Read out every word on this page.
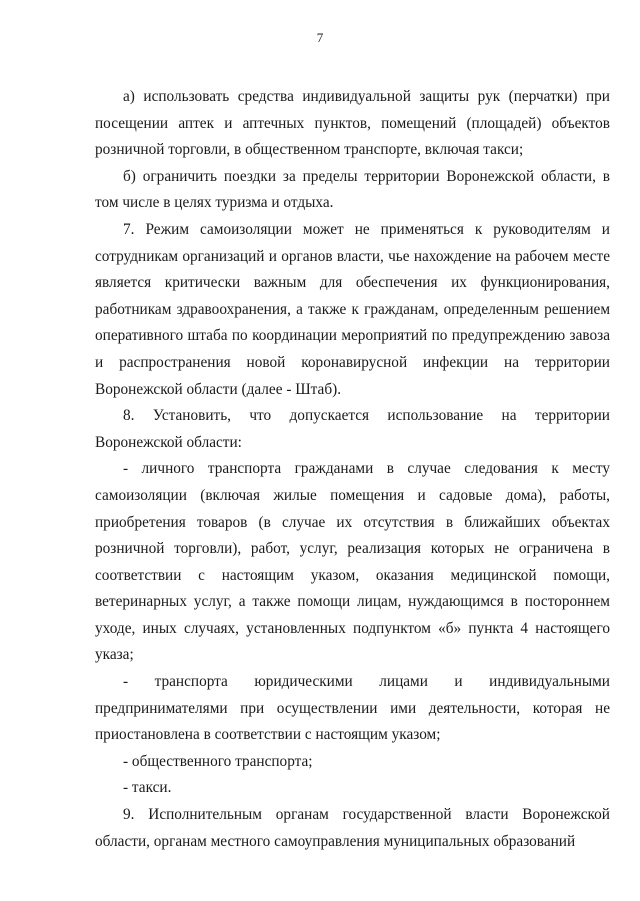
7

а) использовать средства индивидуальной защиты рук (перчатки) при посещении аптек и аптечных пунктов, помещений (площадей) объектов розничной торговли, в общественном транспорте, включая такси;

б) ограничить поездки за пределы территории Воронежской области, в том числе в целях туризма и отдыха.

7. Режим самоизоляции может не применяться к руководителям и сотрудникам организаций и органов власти, чье нахождение на рабочем месте является критически важным для обеспечения их функционирования, работникам здравоохранения, а также к гражданам, определенным решением оперативного штаба по координации мероприятий по предупреждению завоза и распространения новой коронавирусной инфекции на территории Воронежской области (далее - Штаб).

8. Установить, что допускается использование на территории Воронежской области:

- личного транспорта гражданами в случае следования к месту самоизоляции (включая жилые помещения и садовые дома), работы, приобретения товаров (в случае их отсутствия в ближайших объектах розничной торговли), работ, услуг, реализация которых не ограничена в соответствии с настоящим указом, оказания медицинской помощи, ветеринарных услуг, а также помощи лицам, нуждающимся в постороннем уходе, иных случаях, установленных подпунктом «б» пункта 4 настоящего указа;

- транспорта юридическими лицами и индивидуальными предпринимателями при осуществлении ими деятельности, которая не приостановлена в соответствии с настоящим указом;

- общественного транспорта;

- такси.

9. Исполнительным органам государственной власти Воронежской области, органам местного самоуправления муниципальных образований
